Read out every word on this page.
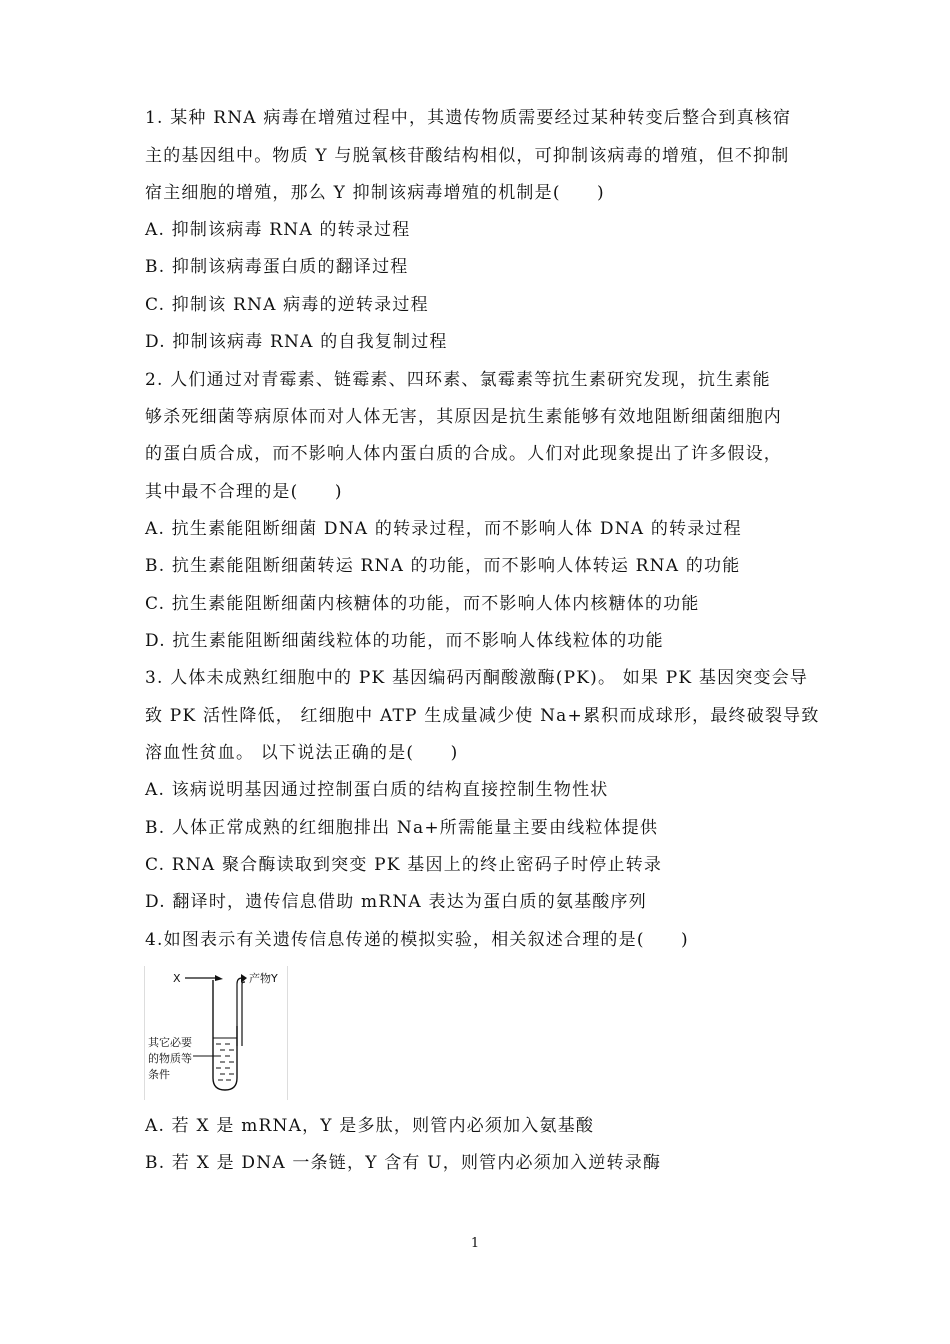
1. 某种 RNA 病毒在增殖过程中，其遗传物质需要经过某种转变后整合到真核宿
主的基因组中。物质 Y 与脱氧核苷酸结构相似，可抑制该病毒的增殖，但不抑制
宿主细胞的增殖，那么 Y 抑制该病毒增殖的机制是(　　)
A. 抑制该病毒 RNA 的转录过程
B. 抑制该病毒蛋白质的翻译过程
C. 抑制该 RNA 病毒的逆转录过程
D. 抑制该病毒 RNA 的自我复制过程
2. 人们通过对青霉素、链霉素、四环素、氯霉素等抗生素研究发现，抗生素能
够杀死细菌等病原体而对人体无害，其原因是抗生素能够有效地阻断细菌细胞内
的蛋白质合成，而不影响人体内蛋白质的合成。人们对此现象提出了许多假设，
其中最不合理的是(　　)
A. 抗生素能阻断细菌 DNA 的转录过程，而不影响人体 DNA 的转录过程
B. 抗生素能阻断细菌转运 RNA 的功能，而不影响人体转运 RNA 的功能
C. 抗生素能阻断细菌内核糖体的功能，而不影响人体内核糖体的功能
D. 抗生素能阻断细菌线粒体的功能，而不影响人体线粒体的功能
3. 人体未成熟红细胞中的 PK 基因编码丙酮酸激酶(PK)。 如果 PK 基因突变会导
致 PK 活性降低， 红细胞中 ATP 生成量减少使 Na+累积而成球形，最终破裂导致
溶血性贫血。 以下说法正确的是(　　)
A. 该病说明基因通过控制蛋白质的结构直接控制生物性状
B. 人体正常成熟的红细胞排出 Na+所需能量主要由线粒体提供
C. RNA 聚合酶读取到突变 PK 基因上的终止密码子时停止转录
D. 翻译时，遗传信息借助 mRNA 表达为蛋白质的氨基酸序列
4.如图表示有关遗传信息传递的模拟实验，相关叙述合理的是(　　)
X	产物Y
其它必要
的物质等
条件
A. 若 X 是 mRNA，Y 是多肽，则管内必须加入氨基酸
B. 若 X 是 DNA 一条链，Y 含有 U，则管内必须加入逆转录酶
1
